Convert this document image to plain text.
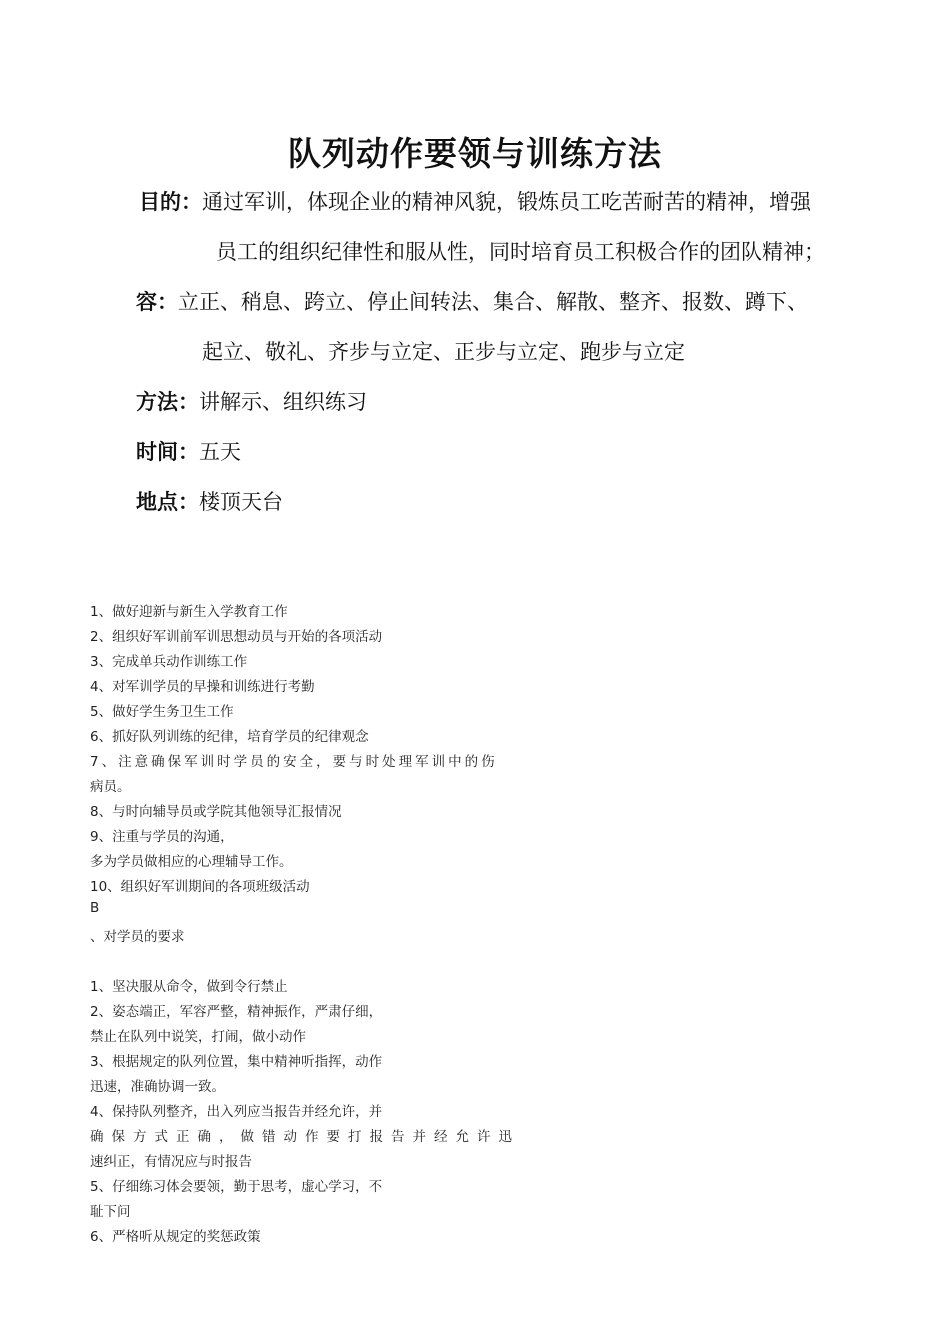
队列动作要领与训练方法
目的：通过军训，体现企业的精神风貌，锻炼员工吃苦耐苦的精神，增强
员工的组织纪律性和服从性，同时培育员工积极合作的团队精神；
容：立正、稍息、跨立、停止间转法、集合、解散、整齐、报数、蹲下、
起立、敬礼、齐步与立定、正步与立定、跑步与立定
方法：讲解示、组织练习
时间：五天
地点：楼顶天台
1、做好迎新与新生入学教育工作
2、组织好军训前军训思想动员与开始的各项活动
3、完成单兵动作训练工作
4、对军训学员的早操和训练进行考勤
5、做好学生务卫生工作
6、抓好队列训练的纪律，培育学员的纪律观念
7、注意确保军训时学员的安全，要与时处理军训中的伤
病员。
8、与时向辅导员或学院其他领导汇报情况
9、注重与学员的沟通，
多为学员做相应的心理辅导工作。
10、组织好军训期间的各项班级活动
B
、对学员的要求
1、坚决服从命令，做到令行禁止
2、姿态端正，军容严整，精神振作，严肃仔细，
禁止在队列中说笑，打闹，做小动作
3、根据规定的队列位置，集中精神听指挥，动作
迅速，准确协调一致。
4、保持队列整齐，出入列应当报告并经允许，并
确保方式正确，做错动作要打报告并经允许迅
速纠正，有情况应与时报告
5、仔细练习体会要领，勤于思考，虚心学习，不
耻下问
6、严格听从规定的奖惩政策
